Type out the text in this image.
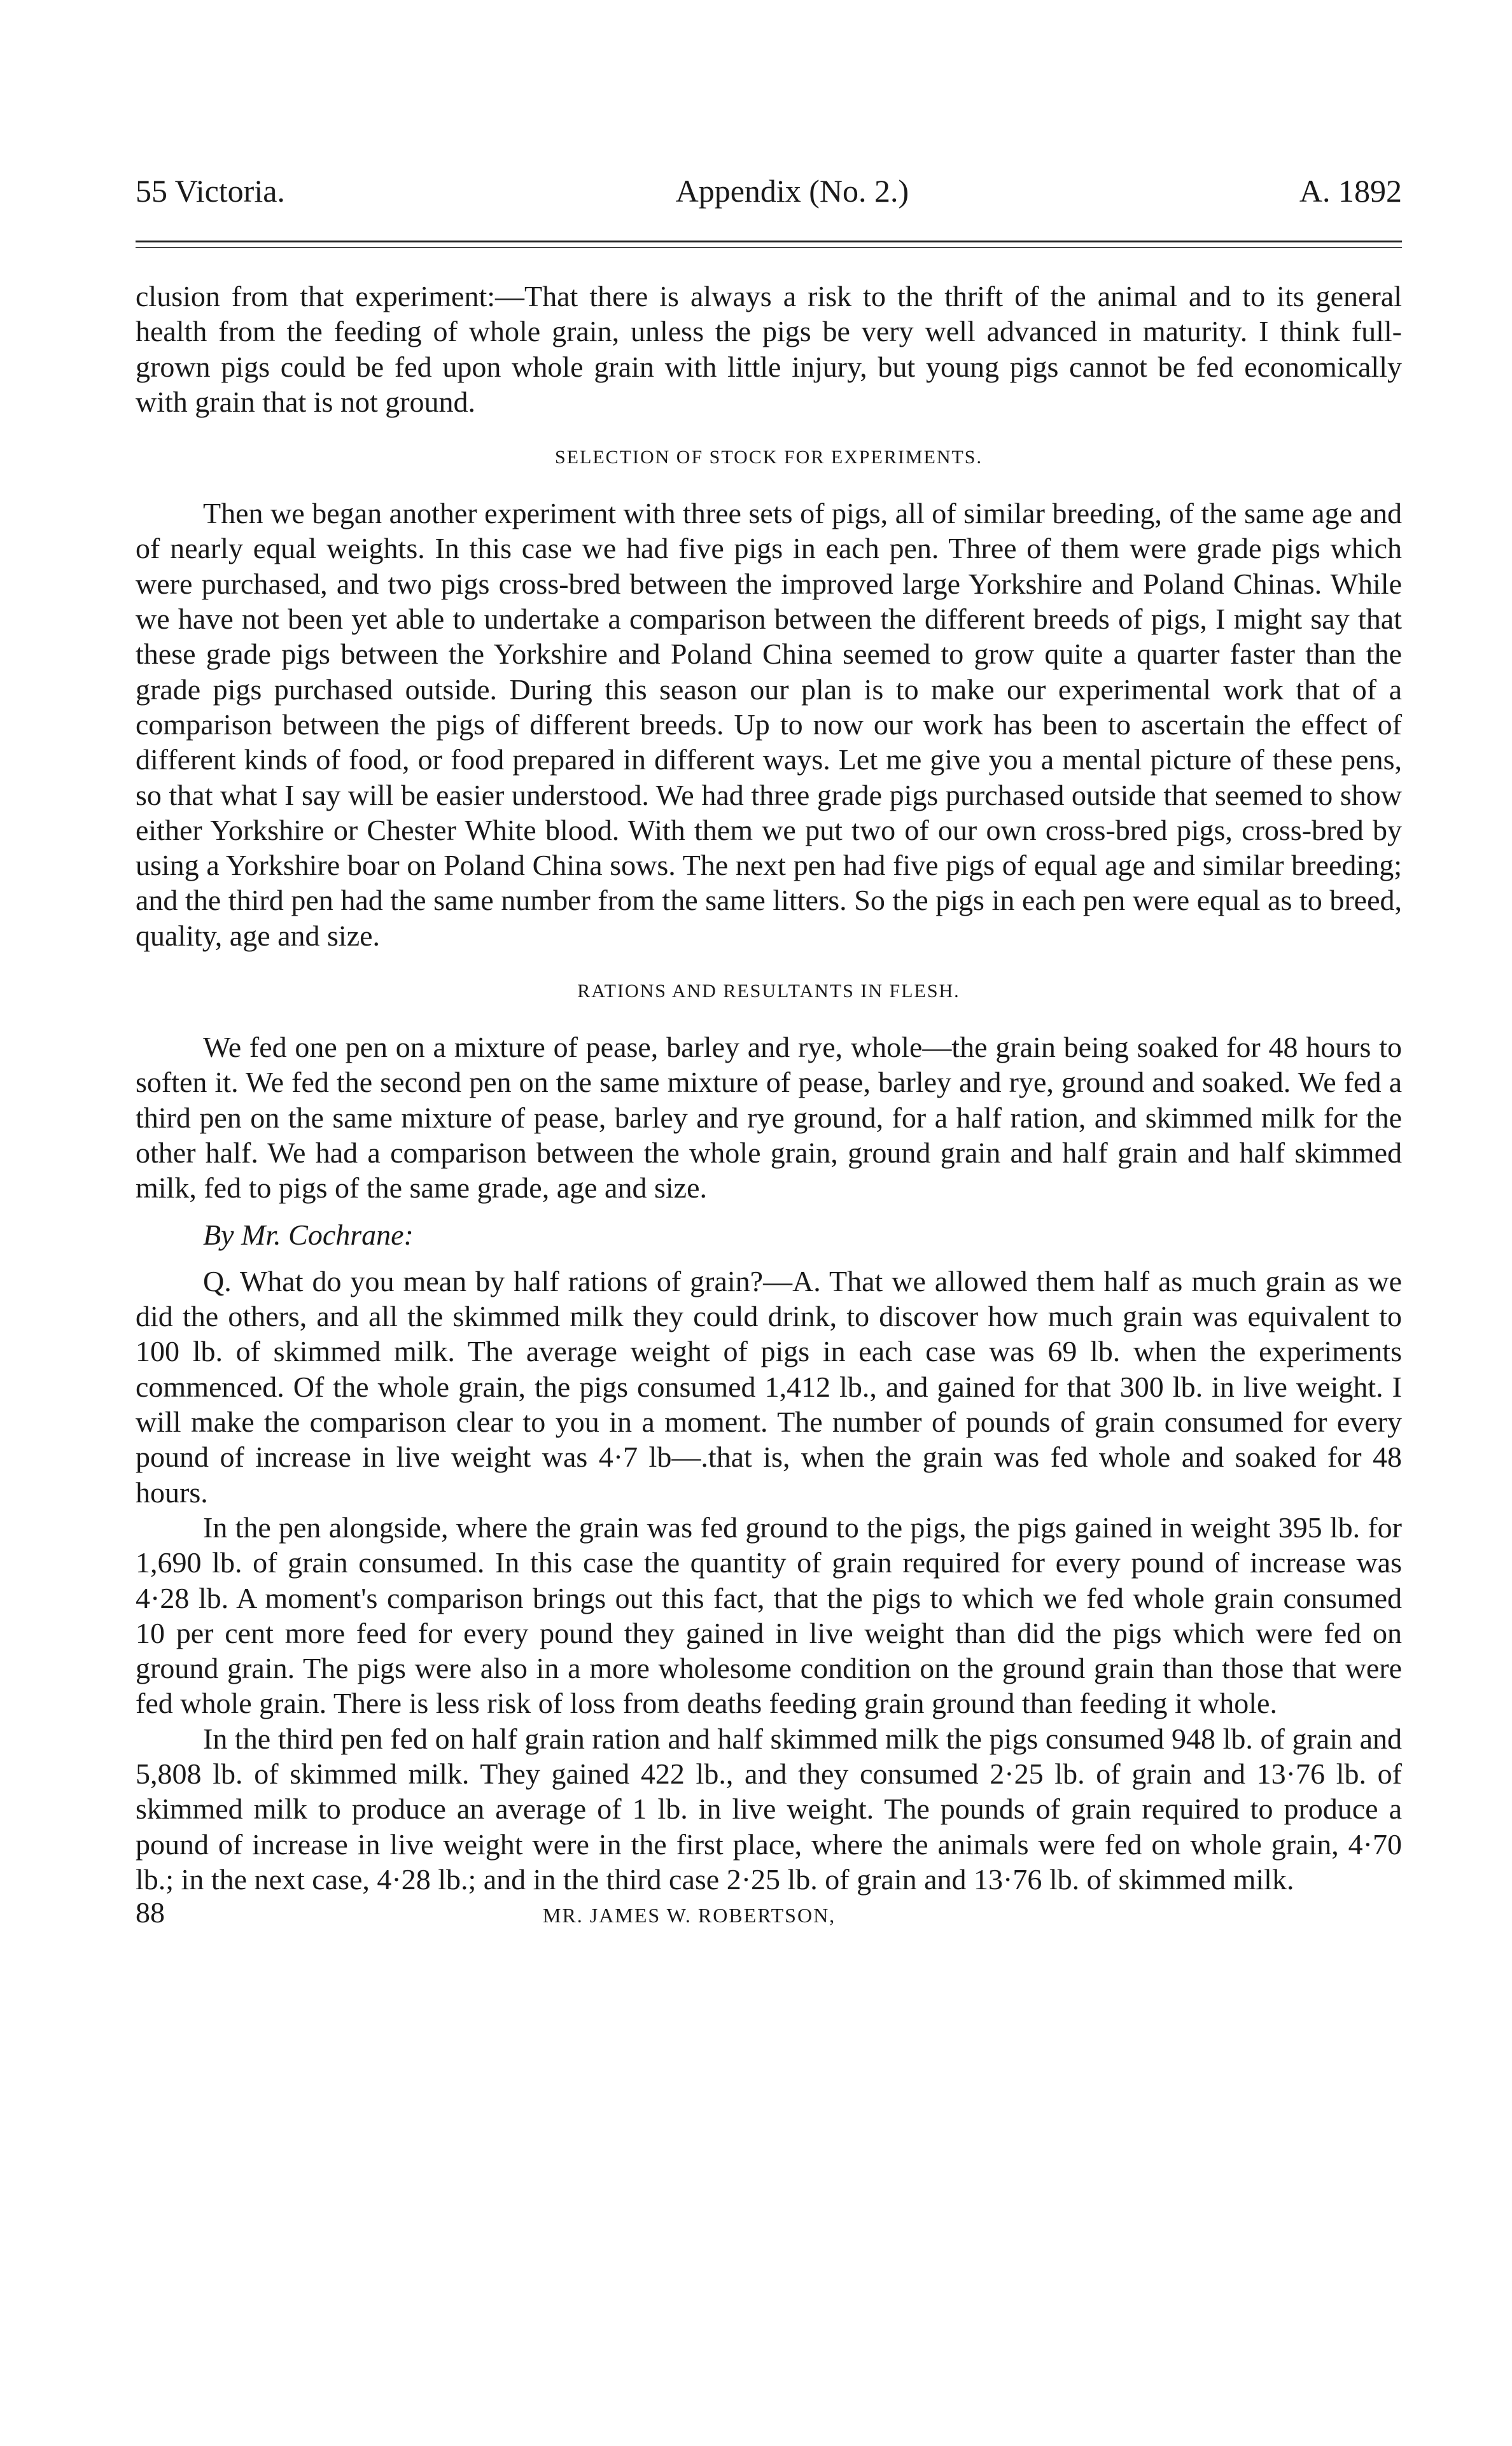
55 Victoria.	Appendix (No. 2.)	A. 1892

clusion from that experiment:—That there is always a risk to the thrift of the animal and to its general health from the feeding of whole grain, unless the pigs be very well advanced in maturity. I think full-grown pigs could be fed upon whole grain with little injury, but young pigs cannot be fed economically with grain that is not ground.

SELECTION OF STOCK FOR EXPERIMENTS.

Then we began another experiment with three sets of pigs, all of similar breeding, of the same age and of nearly equal weights. In this case we had five pigs in each pen. Three of them were grade pigs which were purchased, and two pigs cross-bred between the improved large Yorkshire and Poland Chinas. While we have not been yet able to undertake a comparison between the different breeds of pigs, I might say that these grade pigs between the Yorkshire and Poland China seemed to grow quite a quarter faster than the grade pigs purchased outside. During this season our plan is to make our experimental work that of a comparison between the pigs of different breeds. Up to now our work has been to ascertain the effect of different kinds of food, or food prepared in different ways. Let me give you a mental picture of these pens, so that what I say will be easier understood. We had three grade pigs purchased outside that seemed to show either Yorkshire or Chester White blood. With them we put two of our own cross-bred pigs, cross-bred by using a Yorkshire boar on Poland China sows. The next pen had five pigs of equal age and similar breeding; and the third pen had the same number from the same litters. So the pigs in each pen were equal as to breed, quality, age and size.

RATIONS AND RESULTANTS IN FLESH.

We fed one pen on a mixture of pease, barley and rye, whole—the grain being soaked for 48 hours to soften it. We fed the second pen on the same mixture of pease, barley and rye, ground and soaked. We fed a third pen on the same mixture of pease, barley and rye ground, for a half ration, and skimmed milk for the other half. We had a comparison between the whole grain, ground grain and half grain and half skimmed milk, fed to pigs of the same grade, age and size.

By Mr. Cochrane:

Q. What do you mean by half rations of grain?—A. That we allowed them half as much grain as we did the others, and all the skimmed milk they could drink, to discover how much grain was equivalent to 100 lb. of skimmed milk. The average weight of pigs in each case was 69 lb. when the experiments commenced. Of the whole grain, the pigs consumed 1,412 lb., and gained for that 300 lb. in live weight. I will make the comparison clear to you in a moment. The number of pounds of grain consumed for every pound of increase in live weight was 4·7 lb—.that is, when the grain was fed whole and soaked for 48 hours.

In the pen alongside, where the grain was fed ground to the pigs, the pigs gained in weight 395 lb. for 1,690 lb. of grain consumed. In this case the quantity of grain required for every pound of increase was 4·28 lb. A moment's comparison brings out this fact, that the pigs to which we fed whole grain consumed 10 per cent more feed for every pound they gained in live weight than did the pigs which were fed on ground grain. The pigs were also in a more wholesome condition on the ground grain than those that were fed whole grain. There is less risk of loss from deaths feeding grain ground than feeding it whole.

In the third pen fed on half grain ration and half skimmed milk the pigs consumed 948 lb. of grain and 5,808 lb. of skimmed milk. They gained 422 lb., and they consumed 2·25 lb. of grain and 13·76 lb. of skimmed milk to produce an average of 1 lb. in live weight. The pounds of grain required to produce a pound of increase in live weight were in the first place, where the animals were fed on whole grain, 4·70 lb.; in the next case, 4·28 lb.; and in the third case 2·25 lb. of grain and 13·76 lb. of skimmed milk.

88	MR. JAMES W. ROBERTSON,
